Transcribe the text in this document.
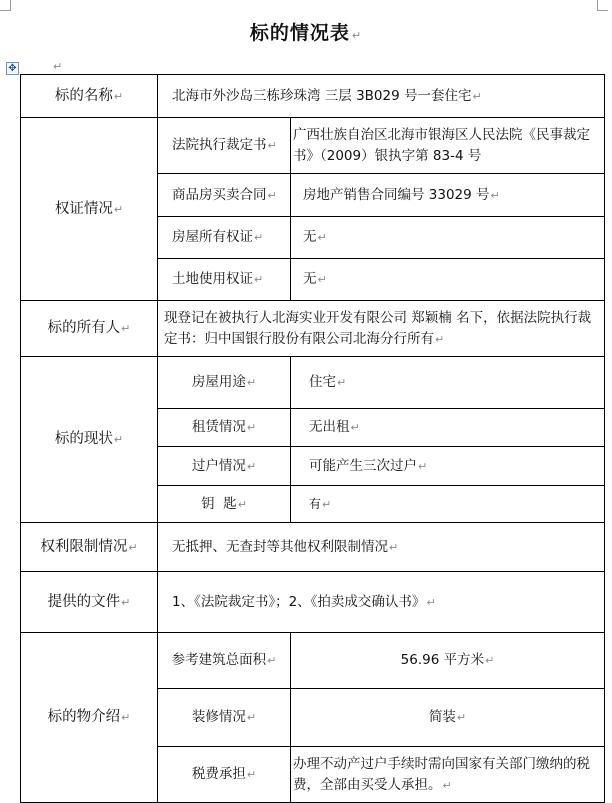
标的情况表 ↵
✥	↵
标的名称↵	北海市外沙岛三栋珍珠湾 三层 3B029 号一套住宅↵	
权证情况↵	法院执行裁定书↵	广西壮族自治区北海市银海区人民法院《民事裁定书》（2009）银执字第 83-4 号
	商品房买卖合同↵	房地产销售合同编号 33029 号↵
	房屋所有权证↵	无↵
	土地使用权证↵	无↵
标的所有人↵	现登记在被执行人北海实业开发有限公司 郑颖楠 名下，依据法院执行裁定书：归中国银行股份有限公司北海分行所有↵	
标的现状↵	房屋用途↵	住宅↵
	租赁情况↵	无出租↵
	过户情况↵	可能产生三次过户↵
	钥  匙↵	有↵
权利限制情况↵	无抵押、无查封等其他权利限制情况↵	
提供的文件↵	1、《法院裁定书》；2、《拍卖成交确认书》↵	
标的物介绍↵	参考建筑总面积↵	56.96 平方米↵
	装修情况↵	简装↵
	税费承担↵	办理不动产过户手续时需向国家有关部门缴纳的税费，全部由买受人承担。↵
